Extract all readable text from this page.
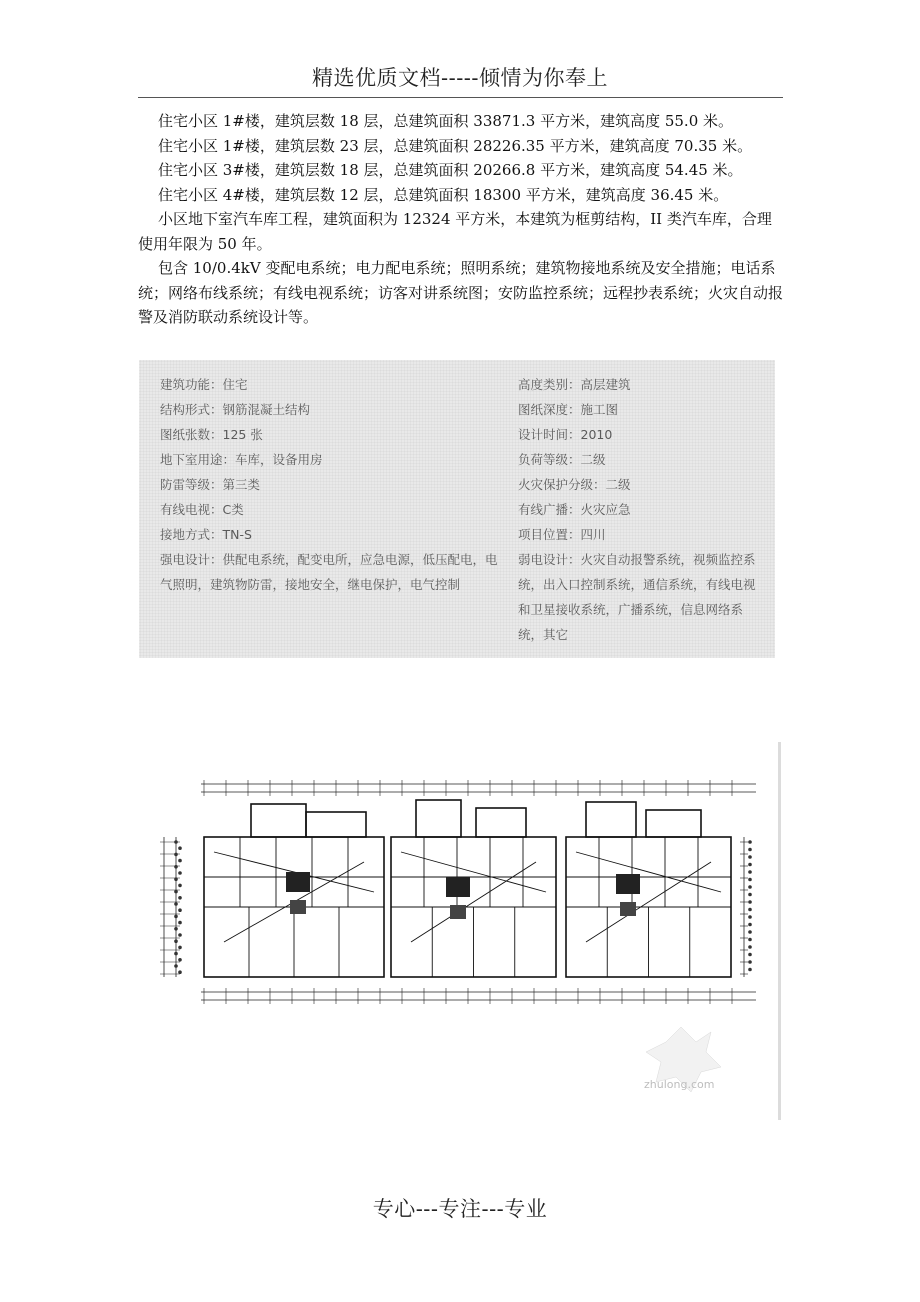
精选优质文档-----倾情为你奉上

住宅小区 1#楼，建筑层数 18 层，总建筑面积 33871.3 平方米，建筑高度 55.0 米。

住宅小区 1#楼，建筑层数 23 层，总建筑面积 28226.35 平方米，建筑高度 70.35 米。

住宅小区 3#楼，建筑层数 18 层，总建筑面积 20266.8 平方米，建筑高度 54.45 米。

住宅小区 4#楼，建筑层数 12 层，总建筑面积 18300 平方米，建筑高度 36.45 米。

小区地下室汽车库工程，建筑面积为 12324 平方米，本建筑为框剪结构，II 类汽车库，合理使用年限为 50 年。

包含 10/0.4kV 变配电系统；电力配电系统；照明系统；建筑物接地系统及安全措施；电话系统；网络布线系统；有线电视系统；访客对讲系统图；安防监控系统；远程抄表系统；火灾自动报警及消防联动系统设计等。

建筑功能：住宅
结构形式：钢筋混凝土结构
图纸张数：125 张
地下室用途：车库，设备用房
防雷等级：第三类
有线电视：C类
接地方式：TN-S
强电设计：供配电系统，配变电所，应急电源，低压配电，电气照明，建筑物防雷，接地安全，继电保护，电气控制
高度类别：高层建筑
图纸深度：施工图
设计时间：2010
负荷等级：二级
火灾保护分级：二级
有线广播：火灾应急
项目位置：四川
弱电设计：火灾自动报警系统，视频监控系统，出入口控制系统，通信系统，有线电视和卫星接收系统，广播系统，信息网络系统，其它
zhulong.com
专心---专注---专业
